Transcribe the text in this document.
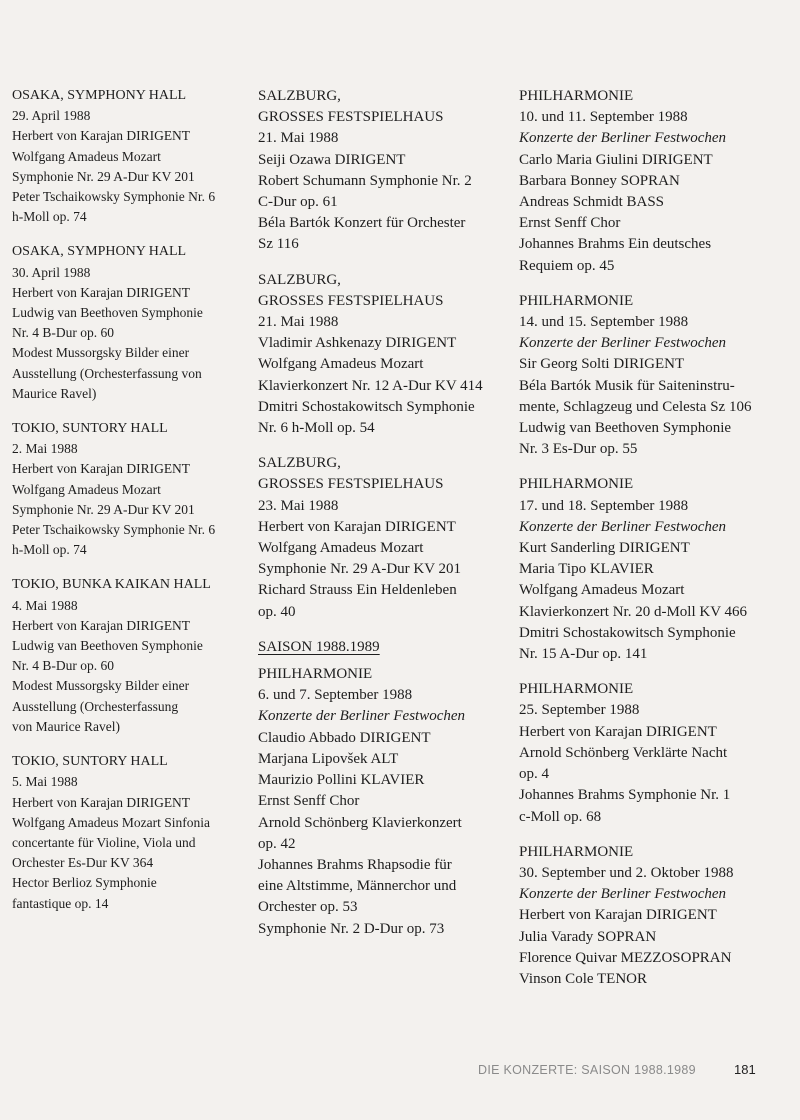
OSAKA, SYMPHONY HALL
29. April 1988
Herbert von Karajan DIRIGENT
Wolfgang Amadeus Mozart
Symphonie Nr. 29 A-Dur KV 201
Peter Tschaikowsky Symphonie Nr. 6
h-Moll op. 74
OSAKA, SYMPHONY HALL
30. April 1988
Herbert von Karajan DIRIGENT
Ludwig van Beethoven Symphonie
Nr. 4 B-Dur op. 60
Modest Mussorgsky Bilder einer
Ausstellung (Orchesterfassung von
Maurice Ravel)
TOKIO, SUNTORY HALL
2. Mai 1988
Herbert von Karajan DIRIGENT
Wolfgang Amadeus Mozart
Symphonie Nr. 29 A-Dur KV 201
Peter Tschaikowsky Symphonie Nr. 6
h-Moll op. 74
TOKIO, BUNKA KAIKAN HALL
4. Mai 1988
Herbert von Karajan DIRIGENT
Ludwig van Beethoven Symphonie
Nr. 4 B-Dur op. 60
Modest Mussorgsky Bilder einer
Ausstellung (Orchesterfassung
von Maurice Ravel)
TOKIO, SUNTORY HALL
5. Mai 1988
Herbert von Karajan DIRIGENT
Wolfgang Amadeus Mozart Sinfonia
concertante für Violine, Viola und
Orchester Es-Dur KV 364
Hector Berlioz Symphonie
fantastique op. 14
SALZBURG,
GROSSES FESTSPIELHAUS
21. Mai 1988
Seiji Ozawa DIRIGENT
Robert Schumann Symphonie Nr. 2
C-Dur op. 61
Béla Bartók Konzert für Orchester
Sz 116
SALZBURG,
GROSSES FESTSPIELHAUS
21. Mai 1988
Vladimir Ashkenazy DIRIGENT
Wolfgang Amadeus Mozart
Klavierkonzert Nr. 12 A-Dur KV 414
Dmitri Schostakowitsch Symphonie
Nr. 6 h-Moll op. 54
SALZBURG,
GROSSES FESTSPIELHAUS
23. Mai 1988
Herbert von Karajan DIRIGENT
Wolfgang Amadeus Mozart
Symphonie Nr. 29 A-Dur KV 201
Richard Strauss Ein Heldenleben
op. 40
SAISON 1988.1989
PHILHARMONIE
6. und 7. September 1988
Konzerte der Berliner Festwochen
Claudio Abbado DIRIGENT
Marjana Lipovšek ALT
Maurizio Pollini KLAVIER
Ernst Senff Chor
Arnold Schönberg Klavierkonzert
op. 42
Johannes Brahms Rhapsodie für
eine Altstimme, Männerchor und
Orchester op. 53
Symphonie Nr. 2 D-Dur op. 73
PHILHARMONIE
10. und 11. September 1988
Konzerte der Berliner Festwochen
Carlo Maria Giulini DIRIGENT
Barbara Bonney SOPRAN
Andreas Schmidt BASS
Ernst Senff Chor
Johannes Brahms Ein deutsches
Requiem op. 45
PHILHARMONIE
14. und 15. September 1988
Konzerte der Berliner Festwochen
Sir Georg Solti DIRIGENT
Béla Bartók Musik für Saiteninstru-
mente, Schlagzeug und Celesta Sz 106
Ludwig van Beethoven Symphonie
Nr. 3 Es-Dur op. 55
PHILHARMONIE
17. und 18. September 1988
Konzerte der Berliner Festwochen
Kurt Sanderling DIRIGENT
Maria Tipo KLAVIER
Wolfgang Amadeus Mozart
Klavierkonzert Nr. 20 d-Moll KV 466
Dmitri Schostakowitsch Symphonie
Nr. 15 A-Dur op. 141
PHILHARMONIE
25. September 1988
Herbert von Karajan DIRIGENT
Arnold Schönberg Verklärte Nacht
op. 4
Johannes Brahms Symphonie Nr. 1
c-Moll op. 68
PHILHARMONIE
30. September und 2. Oktober 1988
Konzerte der Berliner Festwochen
Herbert von Karajan DIRIGENT
Julia Varady SOPRAN
Florence Quivar MEZZOSOPRAN
Vinson Cole TENOR
DIE KONZERTE: SAISON 1988.1989	181
